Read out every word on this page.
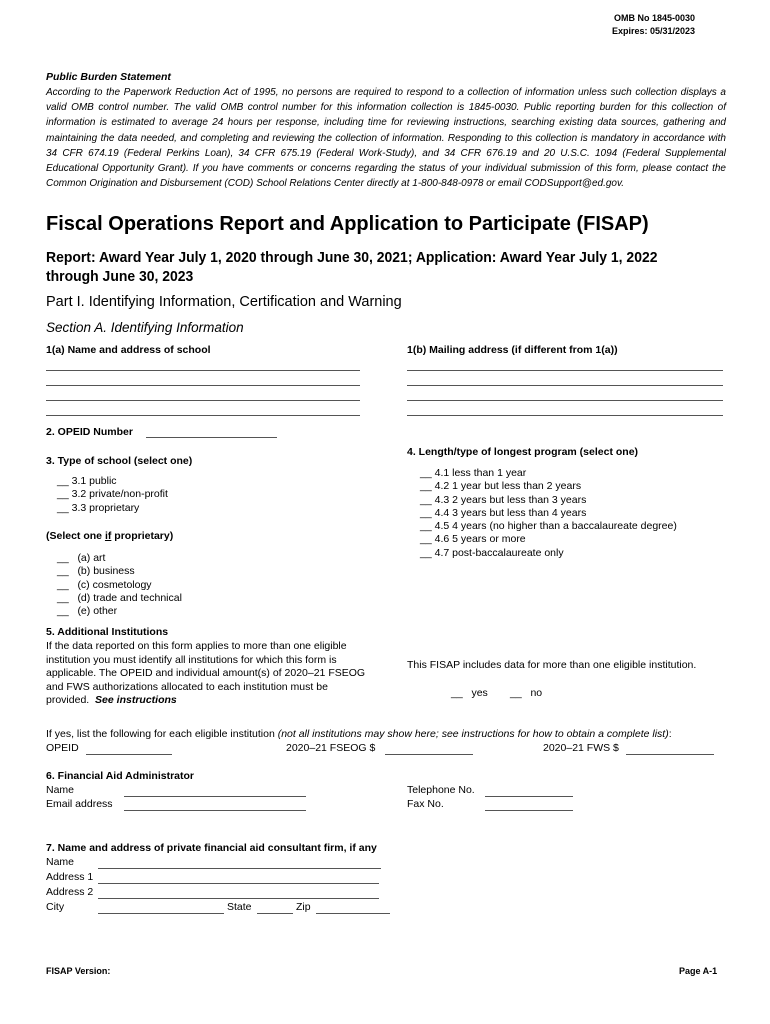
OMB No 1845-0030
Expires: 05/31/2023
Public Burden Statement
According to the Paperwork Reduction Act of 1995, no persons are required to respond to a collection of information unless such collection displays a valid OMB control number. The valid OMB control number for this information collection is 1845-0030. Public reporting burden for this collection of information is estimated to average 24 hours per response, including time for reviewing instructions, searching existing data sources, gathering and maintaining the data needed, and completing and reviewing the collection of information. Responding to this collection is mandatory in accordance with 34 CFR 674.19 (Federal Perkins Loan), 34 CFR 675.19 (Federal Work-Study), and 34 CFR 676.19 and 20 U.S.C. 1094 (Federal Supplemental Educational Opportunity Grant). If you have comments or concerns regarding the status of your individual submission of this form, please contact the Common Origination and Disbursement (COD) School Relations Center directly at 1-800-848-0978 or email CODSupport@ed.gov.
Fiscal Operations Report and Application to Participate (FISAP)
Report: Award Year July 1, 2020 through June 30, 2021; Application: Award Year July 1, 2022 through June 30, 2023
Part I. Identifying Information, Certification and Warning
Section A. Identifying Information
1(a) Name and address of school	1(b) Mailing address (if different from 1(a))
2. OPEID Number
3. Type of school (select one)
__ 3.1 public
__ 3.2 private/non-profit
__ 3.3 proprietary
(Select one if proprietary)
__   (a) art
__   (b) business
__   (c) cosmetology
__   (d) trade and technical
__   (e) other
4. Length/type of longest program (select one)
__ 4.1 less than 1 year
__ 4.2 1 year but less than 2 years
__ 4.3 2 years but less than 3 years
__ 4.4 3 years but less than 4 years
__ 4.5 4 years (no higher than a baccalaureate degree)
__ 4.6 5 years or more
__ 4.7 post-baccalaureate only
5. Additional Institutions
If the data reported on this form applies to more than one eligible institution you must identify all institutions for which this form is applicable. The OPEID and individual amount(s) of 2020–21 FSEOG and FWS authorizations allocated to each institution must be provided. See instructions
This FISAP includes data for more than one eligible institution.
__   yes __   no
If yes, list the following for each eligible institution (not all institutions may show here; see instructions for how to obtain a complete list):
OPEID	2020–21 FSEOG $	2020–21 FWS $
6. Financial Aid Administrator
Name
Email address
Telephone No.
Fax No.
7. Name and address of private financial aid consultant firm, if any
Name
Address 1
Address 2
City	State	Zip
FISAP Version:	Page A-1
